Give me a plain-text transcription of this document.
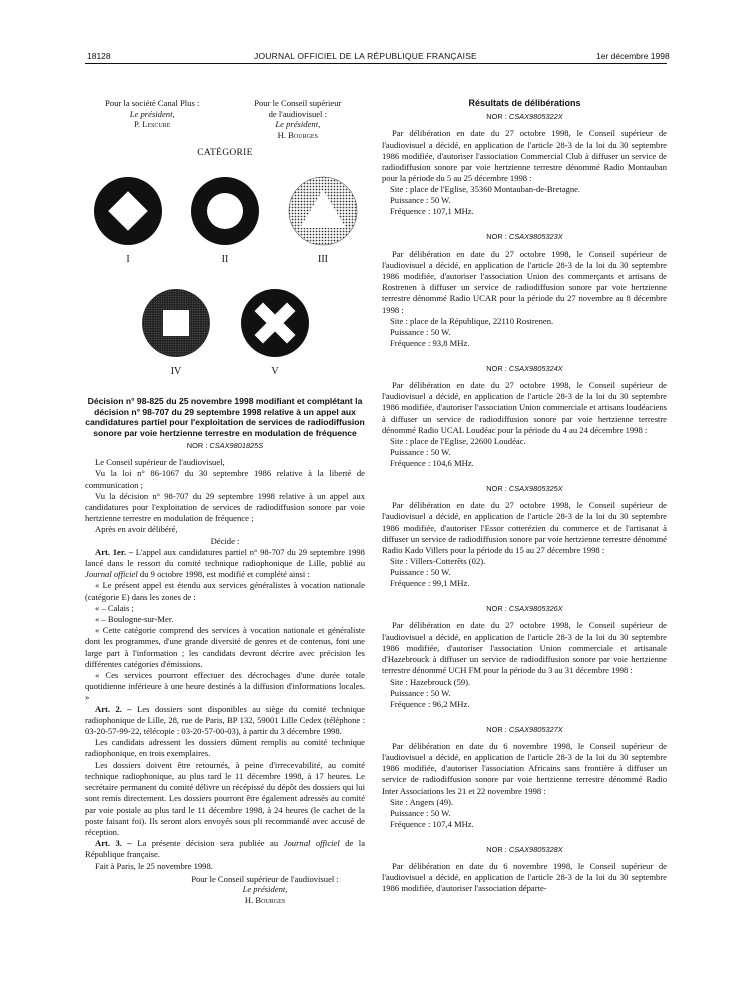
18128	JOURNAL OFFICIEL DE LA RÉPUBLIQUE FRANÇAISE	1er décembre 1998
Pour la société Canal Plus :
Le président,
P. Lescure
Pour le Conseil supérieur
de l'audiovisuel :
Le président,
H. Bourges
CATÉGORIE
I	II	III
IV	V
Décision n° 98-825 du 25 novembre 1998 modifiant et complétant la décision n° 98-707 du 29 septembre 1998 relative à un appel aux candidatures partiel pour l'exploitation de services de radiodiffusion sonore par voie hertzienne terrestre en modulation de fréquence
NOR : CSAX9801825S

Le Conseil supérieur de l'audiovisuel,

Vu la loi n° 86-1067 du 30 septembre 1986 relative à la liberté de communication ;

Vu la décision n° 98-707 du 29 septembre 1998 relative à un appel aux candidatures pour l'exploitation de services de radiodiffusion sonore par voie hertzienne terrestre en modulation de fréquence ;

Après en avoir délibéré,

Décide :

Art. 1er. – L'appel aux candidatures partiel n° 98-707 du 29 septembre 1998 lancé dans le ressort du comité technique radiophonique de Lille, publié au Journal officiel du 9 octobre 1998, est modifié et complété ainsi :

« Le présent appel est étendu aux services généralistes à vocation nationale (catégorie E) dans les zones de :

« – Calais ;

« – Boulogne-sur-Mer.

« Cette catégorie comprend des services à vocation nationale et généraliste dont les programmes, d'une grande diversité de genres et de contenus, font une large part à l'information ; les candidats devront décrire avec précision les différentes catégories d'émissions.

« Ces services pourront effectuer des décrochages d'une durée totale quotidienne inférieure à une heure destinés à la diffusion d'informations locales. »

Art. 2. – Les dossiers sont disponibles au siège du comité technique radiophonique de Lille, 28, rue de Paris, BP 132, 59001 Lille Cedex (téléphone : 03-20-57-99-22, télécopie : 03-20-57-00-03), à partir du 3 décembre 1998.

Les candidats adressent les dossiers dûment remplis au comité technique radiophonique, en trois exemplaires.

Les dossiers doivent être retournés, à peine d'irrecevabilité, au comité technique radiophonique, au plus tard le 11 décembre 1998, à 17 heures. Le secrétaire permanent du comité délivre un récépissé du dépôt des dossiers qui lui sont remis directement. Les dossiers pourront être également adressés au comité par voie postale au plus tard le 11 décembre 1998, à 24 heures (le cachet de la poste faisant foi). Ils seront alors envoyés sous pli recommandé avec accusé de réception.

Art. 3. – La présente décision sera publiée au Journal officiel de la République française.

Fait à Paris, le 25 novembre 1998.

Pour le Conseil supérieur de l'audiovisuel :
Le président,
H. Bourges
Résultats de délibérations
NOR : CSAX9805322X

Par délibération en date du 27 octobre 1998, le Conseil supérieur de l'audiovisuel a décidé, en application de l'article 28-3 de la loi du 30 septembre 1986 modifiée, d'autoriser l'association Commercial Club à diffuser un service de radiodiffusion sonore par voie hertzienne terrestre dénommé Radio Montauban pour la période du 5 au 25 décembre 1998 :

Site : place de l'Eglise, 35360 Montauban-de-Bretagne.
Puissance : 50 W.
Fréquence : 107,1 MHz.
NOR : CSAX9805323X

Par délibération en date du 27 octobre 1998, le Conseil supérieur de l'audiovisuel a décidé, en application de l'article 28-3 de la loi du 30 septembre 1986 modifiée, d'autoriser l'association Union des commerçants et artisans de Rostrenen à diffuser un service de radiodiffusion sonore par voie hertzienne terrestre dénommé Radio UCAR pour la période du 27 novembre au 8 décembre 1998 :

Site : place de la République, 22110 Rostrenen.
Puissance : 50 W.
Fréquence : 93,8 MHz.
NOR : CSAX9805324X

Par délibération en date du 27 octobre 1998, le Conseil supérieur de l'audiovisuel a décidé, en application de l'article 28-3 de la loi du 30 septembre 1986 modifiée, d'autoriser l'association Union commerciale et artisans loudéaciens à diffuser un service de radiodiffusion sonore par voie hertzienne terrestre dénommé Radio UCAL Loudéac pour la période du 4 au 24 décembre 1998 :

Site : place de l'Eglise, 22600 Loudéac.
Puissance : 50 W.
Fréquence : 104,6 MHz.
NOR : CSAX9805325X

Par délibération en date du 27 octobre 1998, le Conseil supérieur de l'audiovisuel a décidé, en application de l'article 28-3 de la loi du 30 septembre 1986 modifiée, d'autoriser l'Essor cotterézien du commerce et de l'artisanat à diffuser un service de radiodiffusion sonore par voie hertzienne terrestre dénommé Radio Kado Villers pour la période du 15 au 27 décembre 1998 :

Site : Villers-Cotterêts (02).
Puissance : 50 W.
Fréquence : 99,1 MHz.
NOR : CSAX9805326X

Par délibération en date du 27 octobre 1998, le Conseil supérieur de l'audiovisuel a décidé, en application de l'article 28-3 de la loi du 30 septembre 1986 modifiée, d'autoriser l'association Union commerciale et artisanale d'Hazebrouck à diffuser un service de radiodiffusion sonore par voie hertzienne terrestre dénommé UCH FM pour la période du 3 au 31 décembre 1998 :

Site : Hazebrouck (59).
Puissance : 50 W.
Fréquence : 96,2 MHz.
NOR : CSAX9805327X

Par délibération en date du 6 novembre 1998, le Conseil supérieur de l'audiovisuel a décidé, en application de l'article 28-3 de la loi du 30 septembre 1986 modifiée, d'autoriser l'association Africains sans frontière à diffuser un service de radiodiffusion sonore par voie hertzienne terrestre dénommé Radio Inter Associations les 21 et 22 novembre 1998 :

Site : Angers (49).
Puissance : 50 W.
Fréquence : 107,4 MHz.
NOR : CSAX9805328X

Par délibération en date du 6 novembre 1998, le Conseil supérieur de l'audiovisuel a décidé, en application de l'article 28-3 de la loi du 30 septembre 1986 modifiée, d'autoriser l'association départe-
